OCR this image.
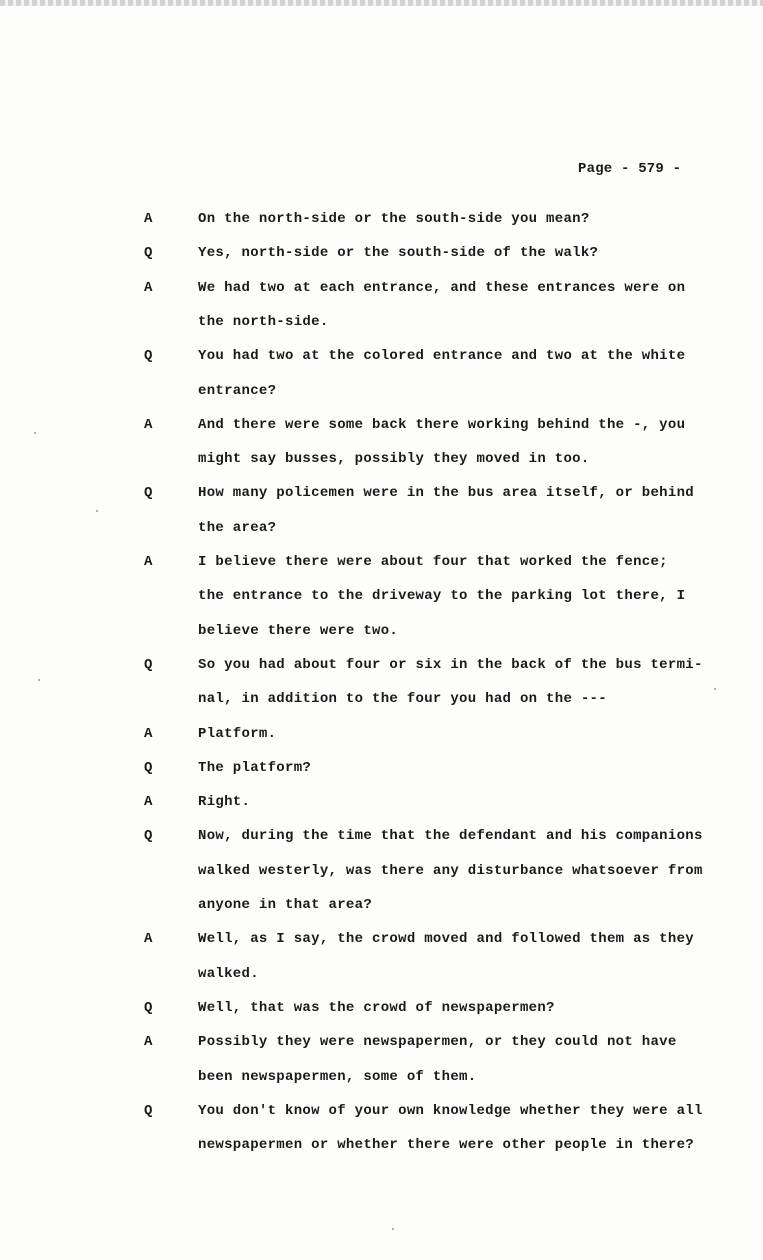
Page - 579 -
A	On the north-side or the south-side you mean?
Q	Yes, north-side or the south-side of the walk?
A	We had two at each entrance, and these entrances were on
the north-side.
Q	You had two at the colored entrance and two at the white
entrance?
A	And there were some back there working behind the -, you
might say busses, possibly they moved in too.
Q	How many policemen were in the bus area itself, or behind
the area?
A	I believe there were about four that worked the fence;
the entrance to the driveway to the parking lot there, I
believe there were two.
Q	So you had about four or six in the back of the bus termi-
nal, in addition to the four you had on the ---
A	Platform.
Q	The platform?
A	Right.
Q	Now, during the time that the defendant and his companions
walked westerly, was there any disturbance whatsoever from
anyone in that area?
A	Well, as I say, the crowd moved and followed them as they
walked.
Q	Well, that was the crowd of newspapermen?
A	Possibly they were newspapermen, or they could not have
been newspapermen, some of them.
Q	You don't know of your own knowledge whether they were all
newspapermen or whether there were other people in there?
